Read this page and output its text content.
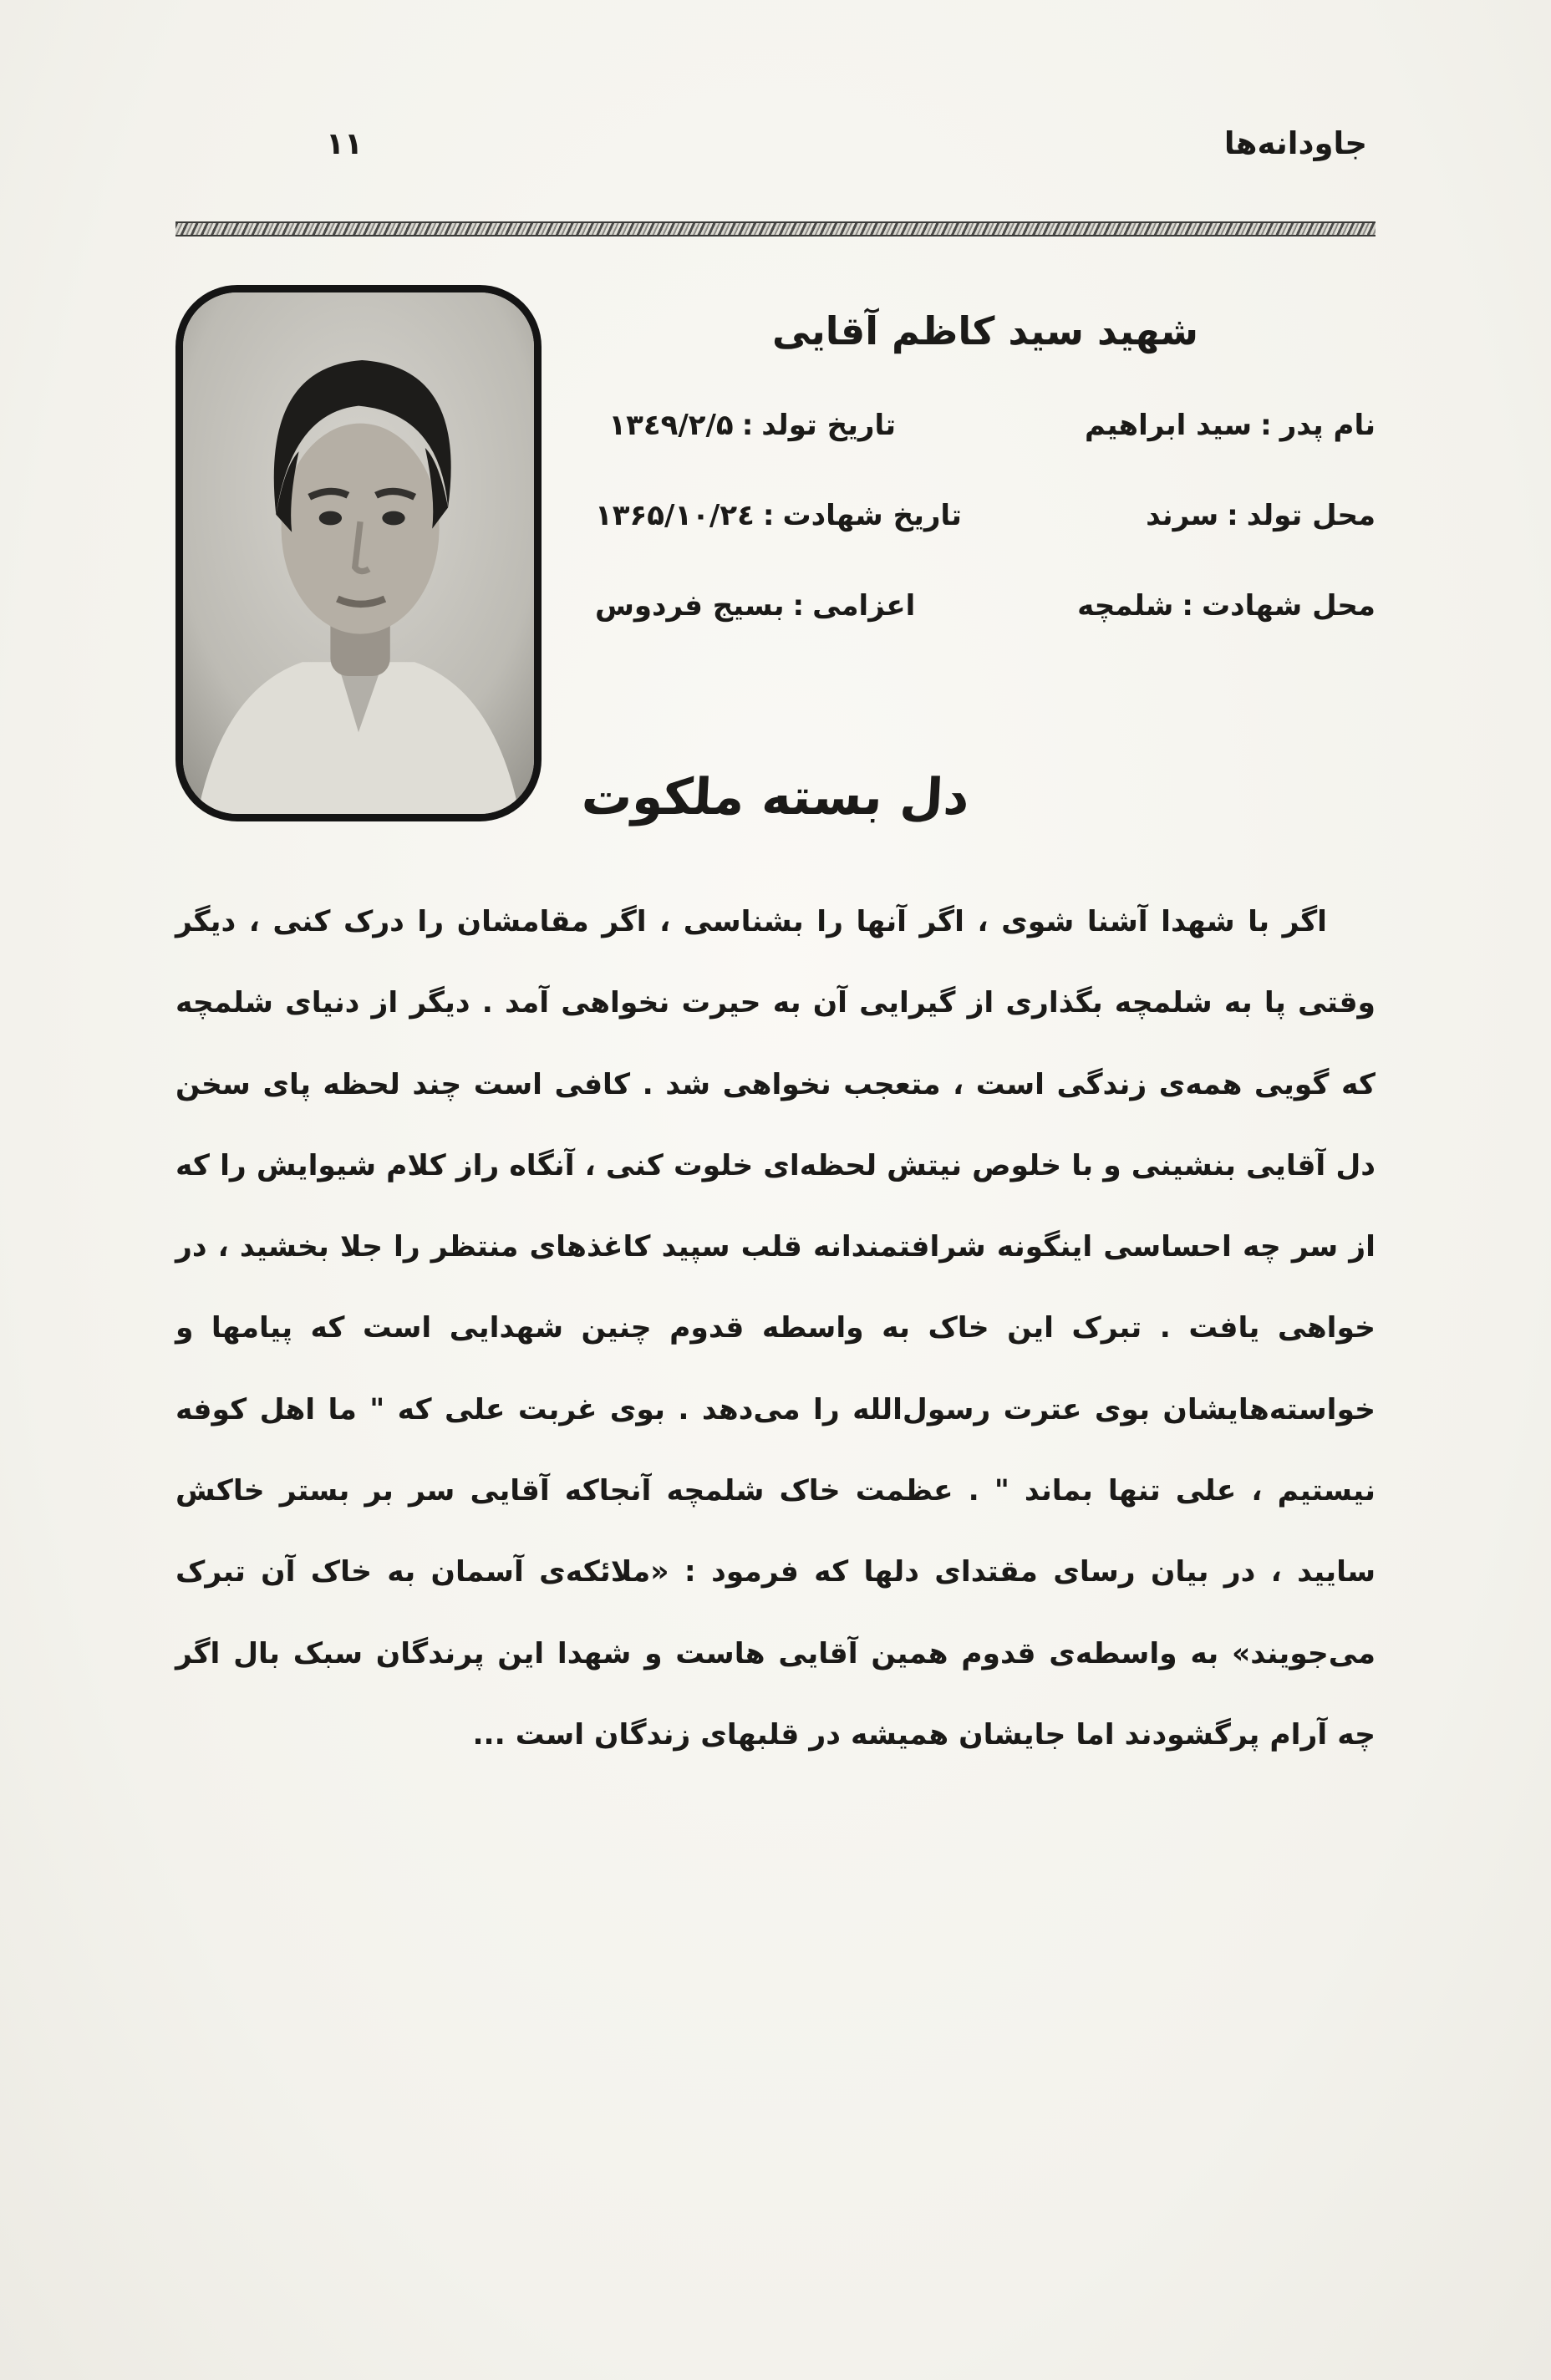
جاودانه‌ها
۱۱
شهید سید کاظم آقایی
نام پدر:سید ابراهیم
تاریخ تولد:۱۳٤۹/۲/۵
محل تولد:سرند
تاریخ شهادت:۱۳۶۵/۱۰/۲٤
محل شهادت:شلمچه
اعزامی:بسیج فردوس
دل بسته ملکوت

اگر با شهدا آشنا شوی ، اگر آنها را بشناسی ، اگر مقامشان را درک کنی ، دیگر وقتی پا به شلمچه بگذاری از گیرایی آن به حیرت نخواهی آمد . دیگر از دنیای شلمچه که گویی همه‌ی زندگی است ، متعجب نخواهی شد . کافی است چند لحظه پای سخن دل آقایی بنشینی و با خلوص نیتش لحظه‌ای خلوت کنی ، آنگاه راز کلام شیوایش را که از سر چه احساسی اینگونه شرافتمندانه قلب سپید کاغذهای منتظر را جلا بخشید ، در خواهی یافت . تبرک این خاک به واسطه قدوم چنین شهدایی است که پیامها و خواسته‌هایشان بوی عترت رسول‌الله را می‌دهد . بوی غربت علی که " ما اهل کوفه نیستیم ، علی تنها بماند " . عظمت خاک شلمچه آنجاکه آقایی سر بر بستر خاکش سایید ، در بیان رسای مقتدای دلها که فرمود : «ملائکه‌ی آسمان به خاک آن تبرک می‌جویند» به واسطه‌ی قدوم همین آقایی هاست و شهدا این پرندگان سبک بال اگر چه آرام پرگشودند اما جایشان همیشه در قلبهای زندگان است ...
